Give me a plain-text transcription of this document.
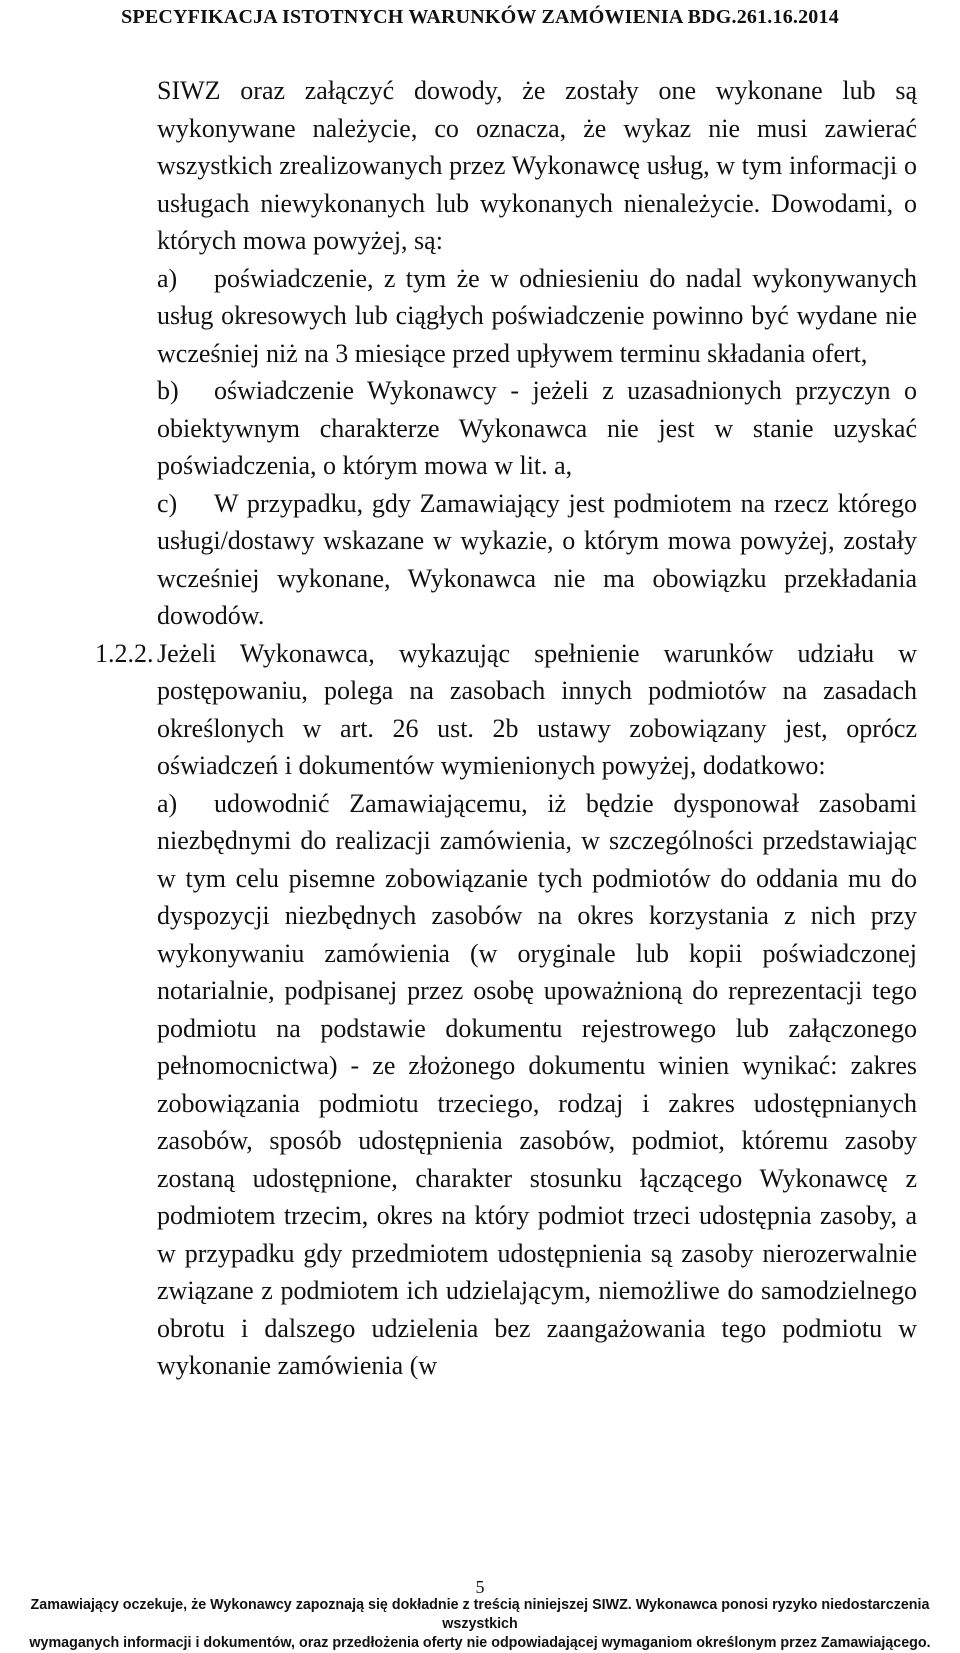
SPECYFIKACJA ISTOTNYCH WARUNKÓW ZAMÓWIENIA BDG.261.16.2014

SIWZ oraz załączyć dowody, że zostały one wykonane lub są wykonywane należycie, co oznacza, że wykaz nie musi zawierać wszystkich zrealizowanych przez Wykonawcę usług, w tym informacji o usługach niewykonanych lub wykonanych nienależycie. Dowodami, o których mowa powyżej, są:

a) poświadczenie, z tym że w odniesieniu do nadal wykonywanych usług okresowych lub ciągłych poświadczenie powinno być wydane nie wcześniej niż na 3 miesiące przed upływem terminu składania ofert,

b) oświadczenie Wykonawcy - jeżeli z uzasadnionych przyczyn o obiektywnym charakterze Wykonawca nie jest w stanie uzyskać poświadczenia, o którym mowa w lit. a,

c) W przypadku, gdy Zamawiający jest podmiotem na rzecz którego usługi/dostawy wskazane w wykazie, o którym mowa powyżej, zostały wcześniej wykonane, Wykonawca nie ma obowiązku przekładania dowodów.

1.2.2. Jeżeli Wykonawca, wykazując spełnienie warunków udziału w postępowaniu, polega na zasobach innych podmiotów na zasadach określonych w art. 26 ust. 2b ustawy zobowiązany jest, oprócz oświadczeń i dokumentów wymienionych powyżej, dodatkowo:

a) udowodnić Zamawiającemu, iż będzie dysponował zasobami niezbędnymi do realizacji zamówienia, w szczególności przedstawiając w tym celu pisemne zobowiązanie tych podmiotów do oddania mu do dyspozycji niezbędnych zasobów na okres korzystania z nich przy wykonywaniu zamówienia (w oryginale lub kopii poświadczonej notarialnie, podpisanej przez osobę upoważnioną do reprezentacji tego podmiotu na podstawie dokumentu rejestrowego lub załączonego pełnomocnictwa) - ze złożonego dokumentu winien wynikać: zakres zobowiązania podmiotu trzeciego, rodzaj i zakres udostępnianych zasobów, sposób udostępnienia zasobów, podmiot, któremu zasoby zostaną udostępnione, charakter stosunku łączącego Wykonawcę z podmiotem trzecim, okres na który podmiot trzeci udostępnia zasoby, a w przypadku gdy przedmiotem udostępnienia są zasoby nierozerwalnie związane z podmiotem ich udzielającym, niemożliwe do samodzielnego obrotu i dalszego udzielenia bez zaangażowania tego podmiotu w wykonanie zamówienia (w

5
Zamawiający oczekuje, że Wykonawcy zapoznają się dokładnie z treścią niniejszej SIWZ. Wykonawca ponosi ryzyko niedostarczenia wszystkich
wymaganych informacji i dokumentów, oraz przedłożenia oferty nie odpowiadającej wymaganiom określonym przez Zamawiającego.
